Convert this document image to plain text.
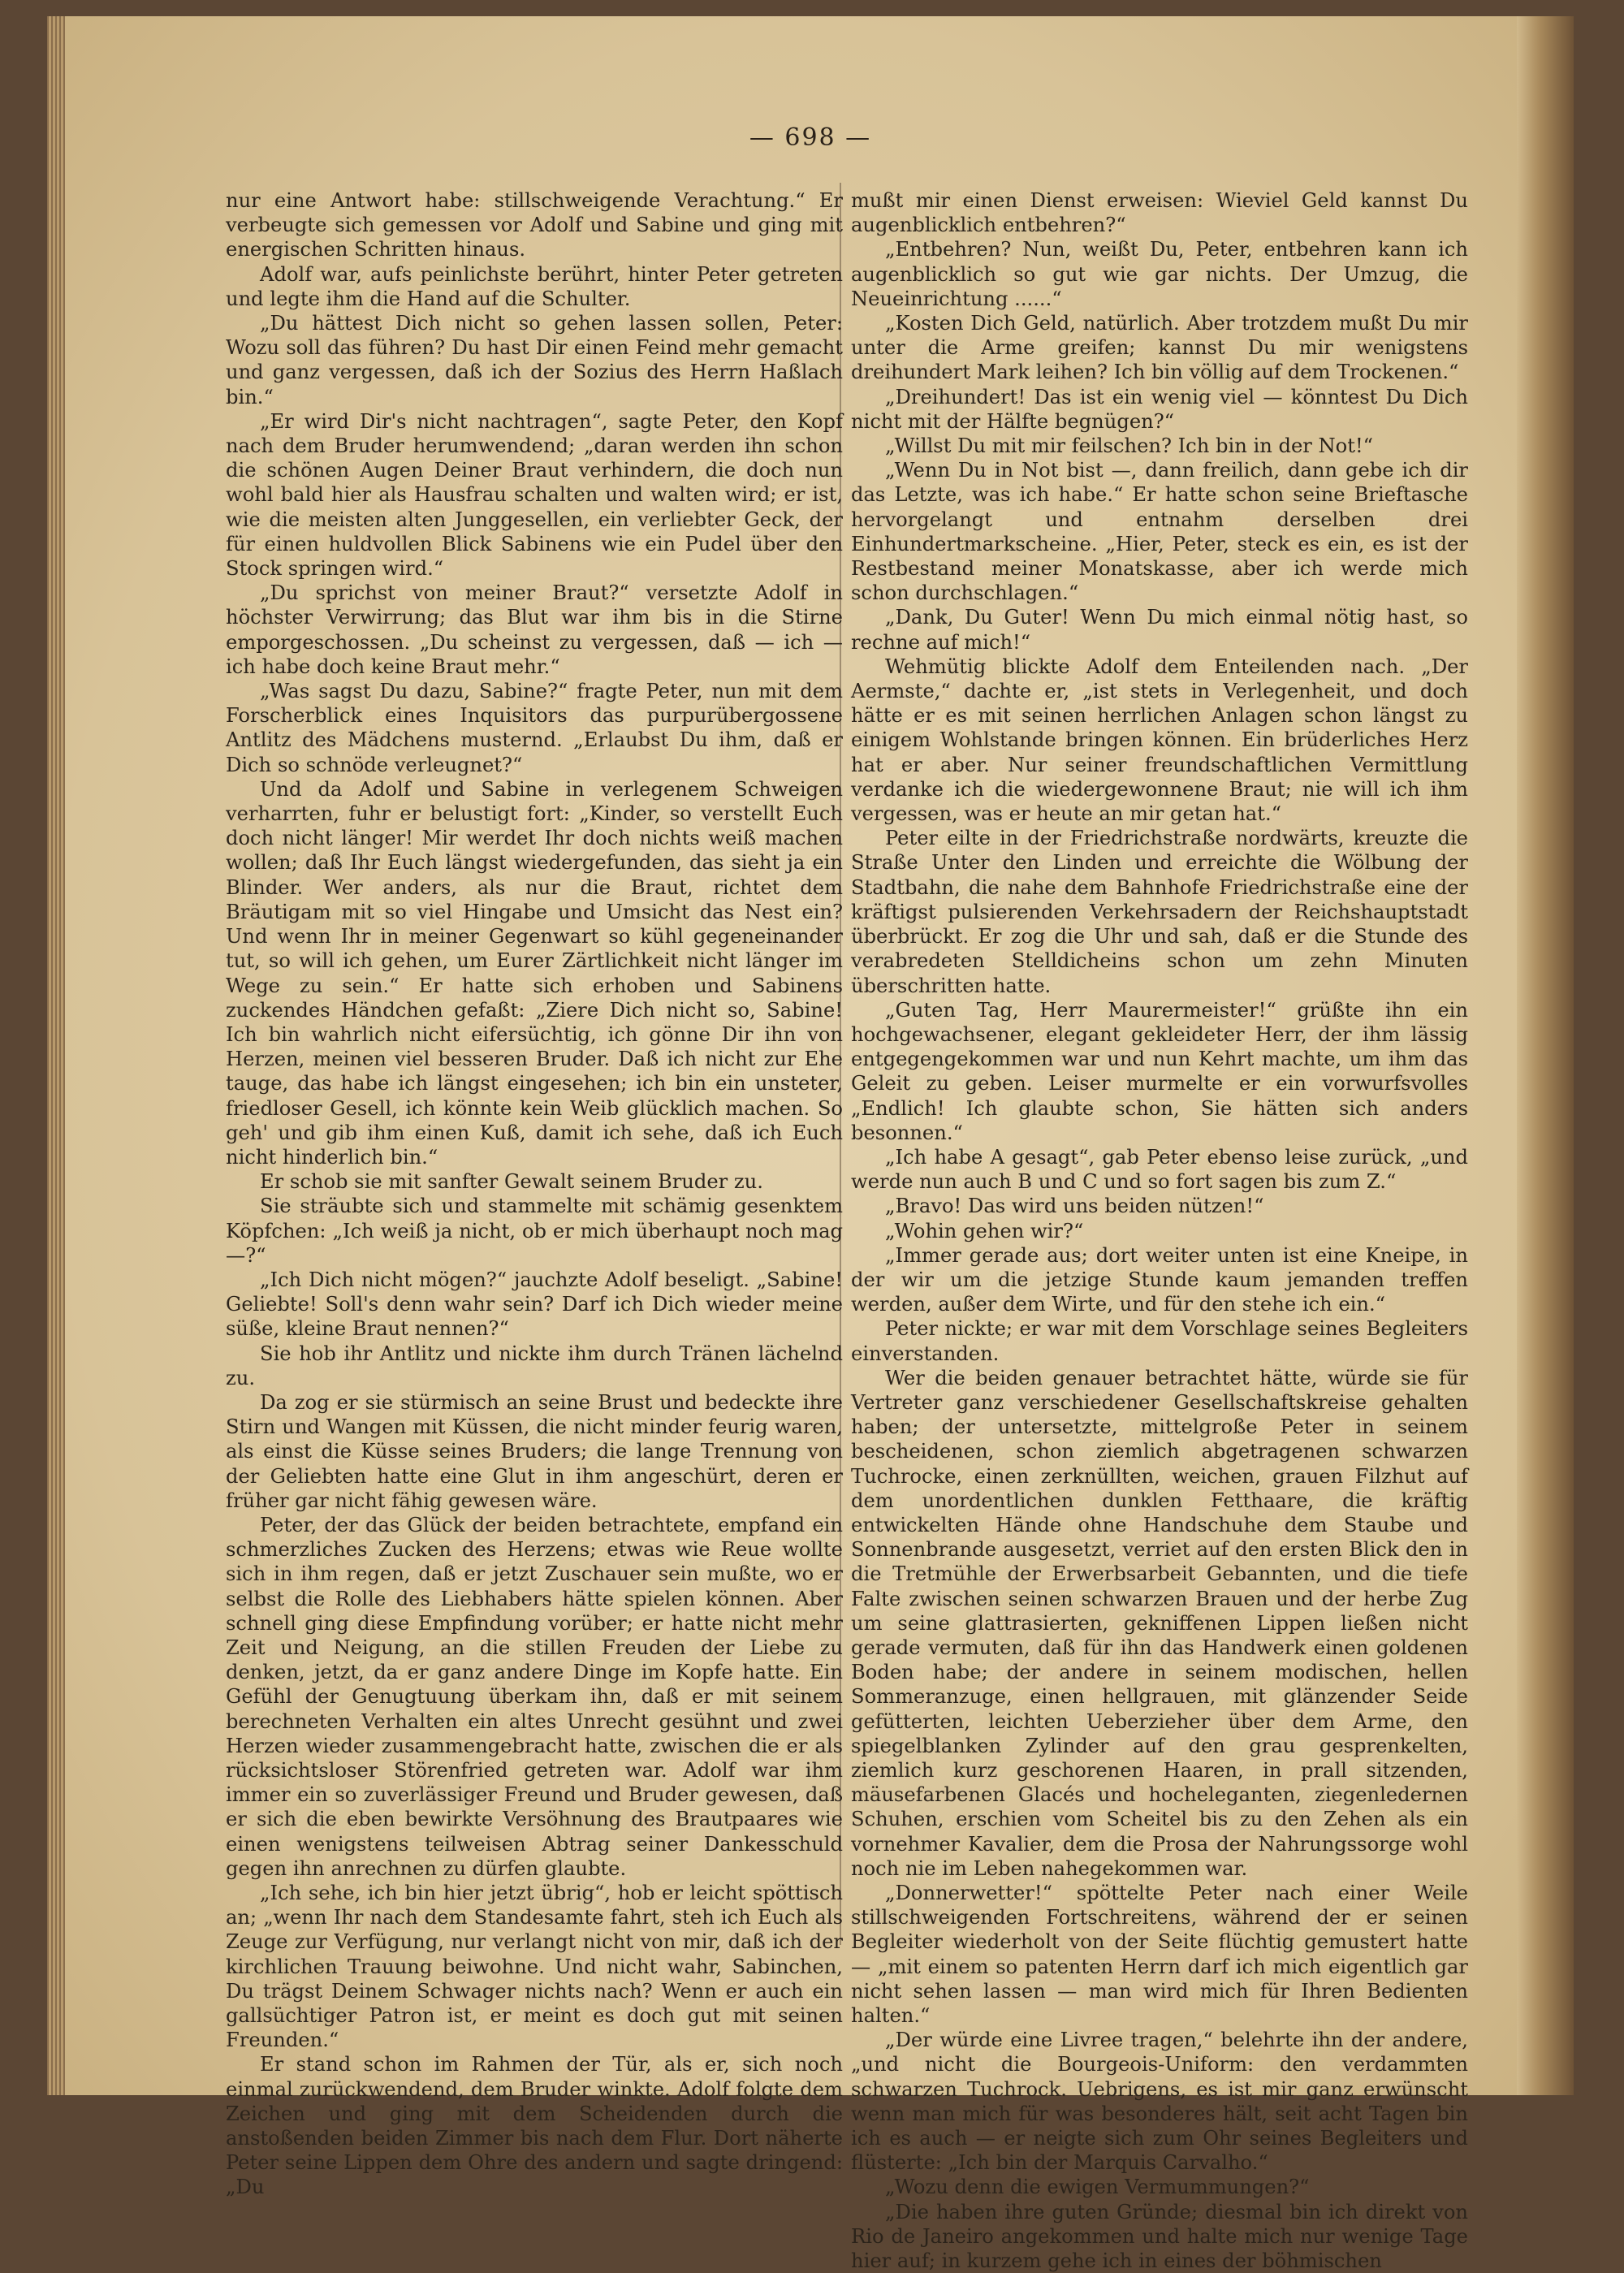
— 698 —

nur eine Antwort habe: stillschweigende Verachtung.“ Er verbeugte sich gemessen vor Adolf und Sabine und ging mit energischen Schritten hinaus.

Adolf war, aufs peinlichste berührt, hinter Peter getreten und legte ihm die Hand auf die Schulter.

„Du hättest Dich nicht so gehen lassen sollen, Peter: Wozu soll das führen? Du hast Dir einen Feind mehr gemacht und ganz vergessen, daß ich der Sozius des Herrn Haßlach bin.“

„Er wird Dir's nicht nachtragen“, sagte Peter, den Kopf nach dem Bruder herumwendend; „daran werden ihn schon die schönen Augen Deiner Braut verhindern, die doch nun wohl bald hier als Hausfrau schalten und walten wird; er ist, wie die meisten alten Junggesellen, ein verliebter Geck, der für einen huldvollen Blick Sabinens wie ein Pudel über den Stock springen wird.“

„Du sprichst von meiner Braut?“ versetzte Adolf in höchster Verwirrung; das Blut war ihm bis in die Stirne emporgeschossen. „Du scheinst zu vergessen, daß — ich — ich habe doch keine Braut mehr.“

„Was sagst Du dazu, Sabine?“ fragte Peter, nun mit dem Forscherblick eines Inquisitors das purpurübergossene Antlitz des Mädchens musternd. „Erlaubst Du ihm, daß er Dich so schnöde verleugnet?“

Und da Adolf und Sabine in verlegenem Schweigen verharrten, fuhr er belustigt fort: „Kinder, so verstellt Euch doch nicht länger! Mir werdet Ihr doch nichts weiß machen wollen; daß Ihr Euch längst wiedergefunden, das sieht ja ein Blinder. Wer anders, als nur die Braut, richtet dem Bräutigam mit so viel Hingabe und Umsicht das Nest ein? Und wenn Ihr in meiner Gegenwart so kühl gegeneinander tut, so will ich gehen, um Eurer Zärtlichkeit nicht länger im Wege zu sein.“ Er hatte sich erhoben und Sabinens zuckendes Händchen gefaßt: „Ziere Dich nicht so, Sabine! Ich bin wahrlich nicht eifersüchtig, ich gönne Dir ihn von Herzen, meinen viel besseren Bruder. Daß ich nicht zur Ehe tauge, das habe ich längst eingesehen; ich bin ein unsteter, friedloser Gesell, ich könnte kein Weib glücklich machen. So geh' und gib ihm einen Kuß, damit ich sehe, daß ich Euch nicht hinderlich bin.“

Er schob sie mit sanfter Gewalt seinem Bruder zu.

Sie sträubte sich und stammelte mit schämig gesenktem Köpfchen: „Ich weiß ja nicht, ob er mich überhaupt noch mag —?“

„Ich Dich nicht mögen?“ jauchzte Adolf beseligt. „Sabine! Geliebte! Soll's denn wahr sein? Darf ich Dich wieder meine süße, kleine Braut nennen?“

Sie hob ihr Antlitz und nickte ihm durch Tränen lächelnd zu.

Da zog er sie stürmisch an seine Brust und bedeckte ihre Stirn und Wangen mit Küssen, die nicht minder feurig waren, als einst die Küsse seines Bruders; die lange Trennung von der Geliebten hatte eine Glut in ihm angeschürt, deren er früher gar nicht fähig gewesen wäre.

Peter, der das Glück der beiden betrachtete, empfand ein schmerzliches Zucken des Herzens; etwas wie Reue wollte sich in ihm regen, daß er jetzt Zuschauer sein mußte, wo er selbst die Rolle des Liebhabers hätte spielen können. Aber schnell ging diese Empfindung vorüber; er hatte nicht mehr Zeit und Neigung, an die stillen Freuden der Liebe zu denken, jetzt, da er ganz andere Dinge im Kopfe hatte. Ein Gefühl der Genugtuung überkam ihn, daß er mit seinem berechneten Verhalten ein altes Unrecht gesühnt und zwei Herzen wieder zusammengebracht hatte, zwischen die er als rücksichtsloser Störenfried getreten war. Adolf war ihm immer ein so zuverlässiger Freund und Bruder gewesen, daß er sich die eben bewirkte Versöhnung des Brautpaares wie einen wenigstens teilweisen Abtrag seiner Dankesschuld gegen ihn anrechnen zu dürfen glaubte.

„Ich sehe, ich bin hier jetzt übrig“, hob er leicht spöttisch an; „wenn Ihr nach dem Standesamte fahrt, steh ich Euch als Zeuge zur Verfügung, nur verlangt nicht von mir, daß ich der kirchlichen Trauung beiwohne. Und nicht wahr, Sabinchen, Du trägst Deinem Schwager nichts nach? Wenn er auch ein gallsüchtiger Patron ist, er meint es doch gut mit seinen Freunden.“

Er stand schon im Rahmen der Tür, als er, sich noch einmal zurückwendend, dem Bruder winkte. Adolf folgte dem Zeichen und ging mit dem Scheidenden durch die anstoßenden beiden Zimmer bis nach dem Flur. Dort näherte Peter seine Lippen dem Ohre des andern und sagte dringend: „Du

mußt mir einen Dienst erweisen: Wieviel Geld kannst Du augenblicklich entbehren?“

„Entbehren? Nun, weißt Du, Peter, entbehren kann ich augenblicklich so gut wie gar nichts. Der Umzug, die Neueinrichtung ......“

„Kosten Dich Geld, natürlich. Aber trotzdem mußt Du mir unter die Arme greifen; kannst Du mir wenigstens dreihundert Mark leihen? Ich bin völlig auf dem Trockenen.“

„Dreihundert! Das ist ein wenig viel — könntest Du Dich nicht mit der Hälfte begnügen?“

„Willst Du mit mir feilschen? Ich bin in der Not!“

„Wenn Du in Not bist —, dann freilich, dann gebe ich dir das Letzte, was ich habe.“ Er hatte schon seine Brieftasche hervorgelangt und entnahm derselben drei Einhundertmarkscheine. „Hier, Peter, steck es ein, es ist der Restbestand meiner Monatskasse, aber ich werde mich schon durchschlagen.“

„Dank, Du Guter! Wenn Du mich einmal nötig hast, so rechne auf mich!“

Wehmütig blickte Adolf dem Enteilenden nach. „Der Aermste,“ dachte er, „ist stets in Verlegenheit, und doch hätte er es mit seinen herrlichen Anlagen schon längst zu einigem Wohlstande bringen können. Ein brüderliches Herz hat er aber. Nur seiner freundschaftlichen Vermittlung verdanke ich die wiedergewonnene Braut; nie will ich ihm vergessen, was er heute an mir getan hat.“

Peter eilte in der Friedrichstraße nordwärts, kreuzte die Straße Unter den Linden und erreichte die Wölbung der Stadtbahn, die nahe dem Bahnhofe Friedrichstraße eine der kräftigst pulsierenden Verkehrsadern der Reichshauptstadt überbrückt. Er zog die Uhr und sah, daß er die Stunde des verabredeten Stelldicheins schon um zehn Minuten überschritten hatte.

„Guten Tag, Herr Maurermeister!“ grüßte ihn ein hochgewachsener, elegant gekleideter Herr, der ihm lässig entgegengekommen war und nun Kehrt machte, um ihm das Geleit zu geben. Leiser murmelte er ein vorwurfsvolles „Endlich! Ich glaubte schon, Sie hätten sich anders besonnen.“

„Ich habe A gesagt“, gab Peter ebenso leise zurück, „und werde nun auch B und C und so fort sagen bis zum Z.“

„Bravo! Das wird uns beiden nützen!“

„Wohin gehen wir?“

„Immer gerade aus; dort weiter unten ist eine Kneipe, in der wir um die jetzige Stunde kaum jemanden treffen werden, außer dem Wirte, und für den stehe ich ein.“

Peter nickte; er war mit dem Vorschlage seines Begleiters einverstanden.

Wer die beiden genauer betrachtet hätte, würde sie für Vertreter ganz verschiedener Gesellschaftskreise gehalten haben; der untersetzte, mittelgroße Peter in seinem bescheidenen, schon ziemlich abgetragenen schwarzen Tuchrocke, einen zerknüllten, weichen, grauen Filzhut auf dem unordentlichen dunklen Fetthaare, die kräftig entwickelten Hände ohne Handschuhe dem Staube und Sonnenbrande ausgesetzt, verriet auf den ersten Blick den in die Tretmühle der Erwerbsarbeit Gebannten, und die tiefe Falte zwischen seinen schwarzen Brauen und der herbe Zug um seine glattrasierten, gekniffenen Lippen ließen nicht gerade vermuten, daß für ihn das Handwerk einen goldenen Boden habe; der andere in seinem modischen, hellen Sommeranzuge, einen hellgrauen, mit glänzender Seide gefütterten, leichten Ueberzieher über dem Arme, den spiegelblanken Zylinder auf den grau gesprenkelten, ziemlich kurz geschorenen Haaren, in prall sitzenden, mäusefarbenen Glacés und hocheleganten, ziegenledernen Schuhen, erschien vom Scheitel bis zu den Zehen als ein vornehmer Kavalier, dem die Prosa der Nahrungssorge wohl noch nie im Leben nahegekommen war.

„Donnerwetter!“ spöttelte Peter nach einer Weile stillschweigenden Fortschreitens, während der er seinen Begleiter wiederholt von der Seite flüchtig gemustert hatte — „mit einem so patenten Herrn darf ich mich eigentlich gar nicht sehen lassen — man wird mich für Ihren Bedienten halten.“

„Der würde eine Livree tragen,“ belehrte ihn der andere, „und nicht die Bourgeois-Uniform: den verdammten schwarzen Tuchrock. Uebrigens, es ist mir ganz erwünscht wenn man mich für was besonderes hält, seit acht Tagen bin ich es auch — er neigte sich zum Ohr seines Begleiters und flüsterte: „Ich bin der Marquis Carvalho.“

„Wozu denn die ewigen Vermummungen?“

„Die haben ihre guten Gründe; diesmal bin ich direkt von Rio de Janeiro angekommen und halte mich nur wenige Tage hier auf; in kurzem gehe ich in eines der böhmischen
